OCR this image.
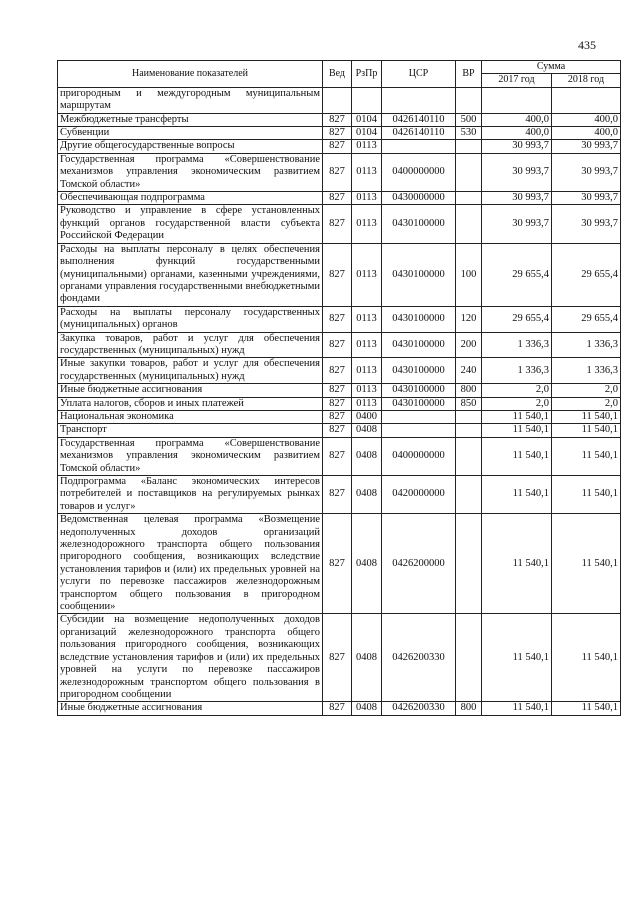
435
Наименование показателей	Вед	РзПр	ЦСР	ВР	Сумма	
					2017 год	2018 год
пригородным и междугородным муниципальным маршрутам						
Межбюджетные трансферты	827	0104	0426140110	500	400,0	400,0
Субвенции	827	0104	0426140110	530	400,0	400,0
Другие общегосударственные вопросы	827	0113			30 993,7	30 993,7
Государственная программа «Совершенствование механизмов управления экономическим развитием Томской области»	827	0113	0400000000		30 993,7	30 993,7
Обеспечивающая подпрограмма	827	0113	0430000000		30 993,7	30 993,7
Руководство и управление в сфере установленных функций органов государственной власти субъекта Российской Федерации	827	0113	0430100000		30 993,7	30 993,7
Расходы на выплаты персоналу в целях обеспечения выполнения функций государственными (муниципальными) органами, казенными учреждениями, органами управления государственными внебюджетными фондами	827	0113	0430100000	100	29 655,4	29 655,4
Расходы на выплаты персоналу государственных (муниципальных) органов	827	0113	0430100000	120	29 655,4	29 655,4
Закупка товаров, работ и услуг для обеспечения государственных (муниципальных) нужд	827	0113	0430100000	200	1 336,3	1 336,3
Иные закупки товаров, работ и услуг для обеспечения государственных (муниципальных) нужд	827	0113	0430100000	240	1 336,3	1 336,3
Иные бюджетные ассигнования	827	0113	0430100000	800	2,0	2,0
Уплата налогов, сборов и иных платежей	827	0113	0430100000	850	2,0	2,0
Национальная экономика	827	0400			11 540,1	11 540,1
Транспорт	827	0408			11 540,1	11 540,1
Государственная программа «Совершенствование механизмов управления экономическим развитием Томской области»	827	0408	0400000000		11 540,1	11 540,1
Подпрограмма «Баланс экономических интересов потребителей и поставщиков на регулируемых рынках товаров и услуг»	827	0408	0420000000		11 540,1	11 540,1
Ведомственная целевая программа «Возмещение недополученных доходов организаций железнодорожного транспорта общего пользования пригородного сообщения, возникающих вследствие установления тарифов и (или) их предельных уровней на услуги по перевозке пассажиров железнодорожным транспортом общего пользования в пригородном сообщении»	827	0408	0426200000		11 540,1	11 540,1
Субсидии на возмещение недополученных доходов организаций железнодорожного транспорта общего пользования пригородного сообщения, возникающих вследствие установления тарифов и (или) их предельных уровней на услуги по перевозке пассажиров железнодорожным транспортом общего пользования в пригородном сообщении	827	0408	0426200330		11 540,1	11 540,1
Иные бюджетные ассигнования	827	0408	0426200330	800	11 540,1	11 540,1
